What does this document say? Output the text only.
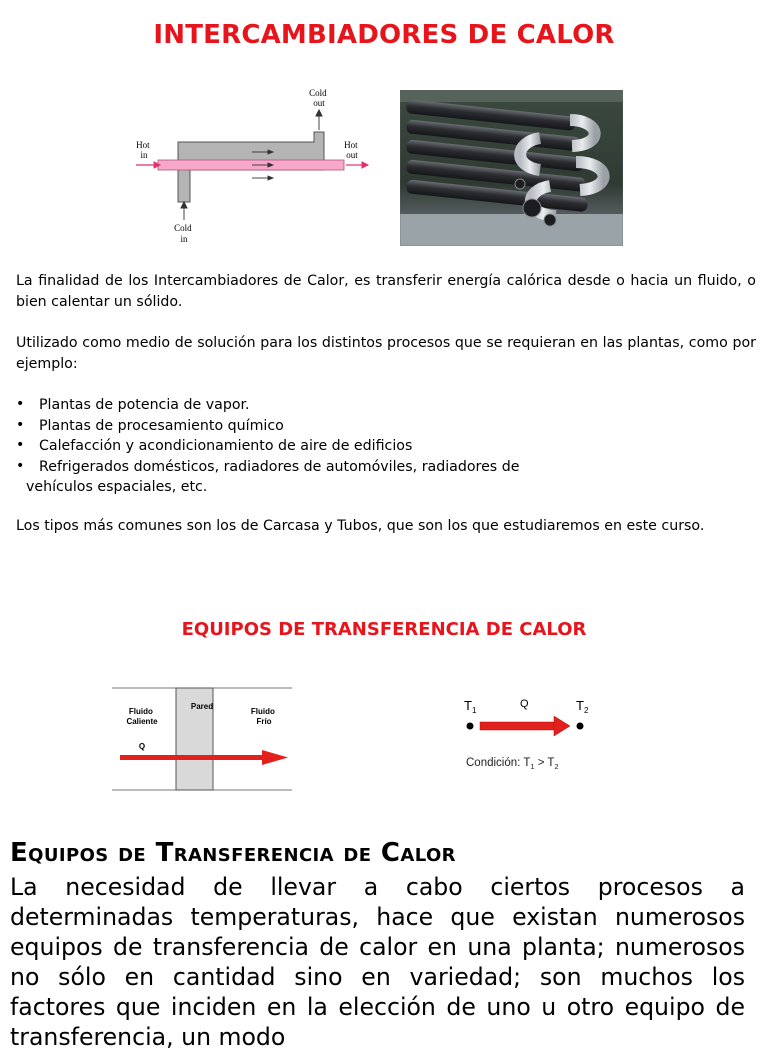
INTERCAMBIADORES DE CALOR
Cold out
Hot in
Hot out
Cold in

La finalidad de los Intercambiadores de Calor, es transferir energía calórica desde o hacia un fluido, o bien calentar un sólido.

Utilizado como medio de solución para los distintos procesos que se requieran en las plantas, como por ejemplo:

• Plantas de potencia de vapor.
• Plantas de procesamiento químico
• Calefacción y acondicionamiento de aire de edificios
• Refrigerados domésticos, radiadores de automóviles, radiadores de
vehículos espaciales, etc.

Los tipos más comunes son los de Carcasa y Tubos, que son los que estudiaremos en este curso.

EQUIPOS DE TRANSFERENCIA DE CALOR
Fluido Caliente
Pared
Fluido Frío
Q
$T_1$	$T_2$
Q
Condición: $T_1 > T_2$
Equipos de Transferencia de Calor

La necesidad de llevar a cabo ciertos procesos a determinadas temperaturas, hace que existan numerosos equipos de transferencia de calor en una planta; numerosos no sólo en cantidad sino en variedad; son muchos los factores que inciden en la elección de uno u otro equipo de transferencia, un modo
